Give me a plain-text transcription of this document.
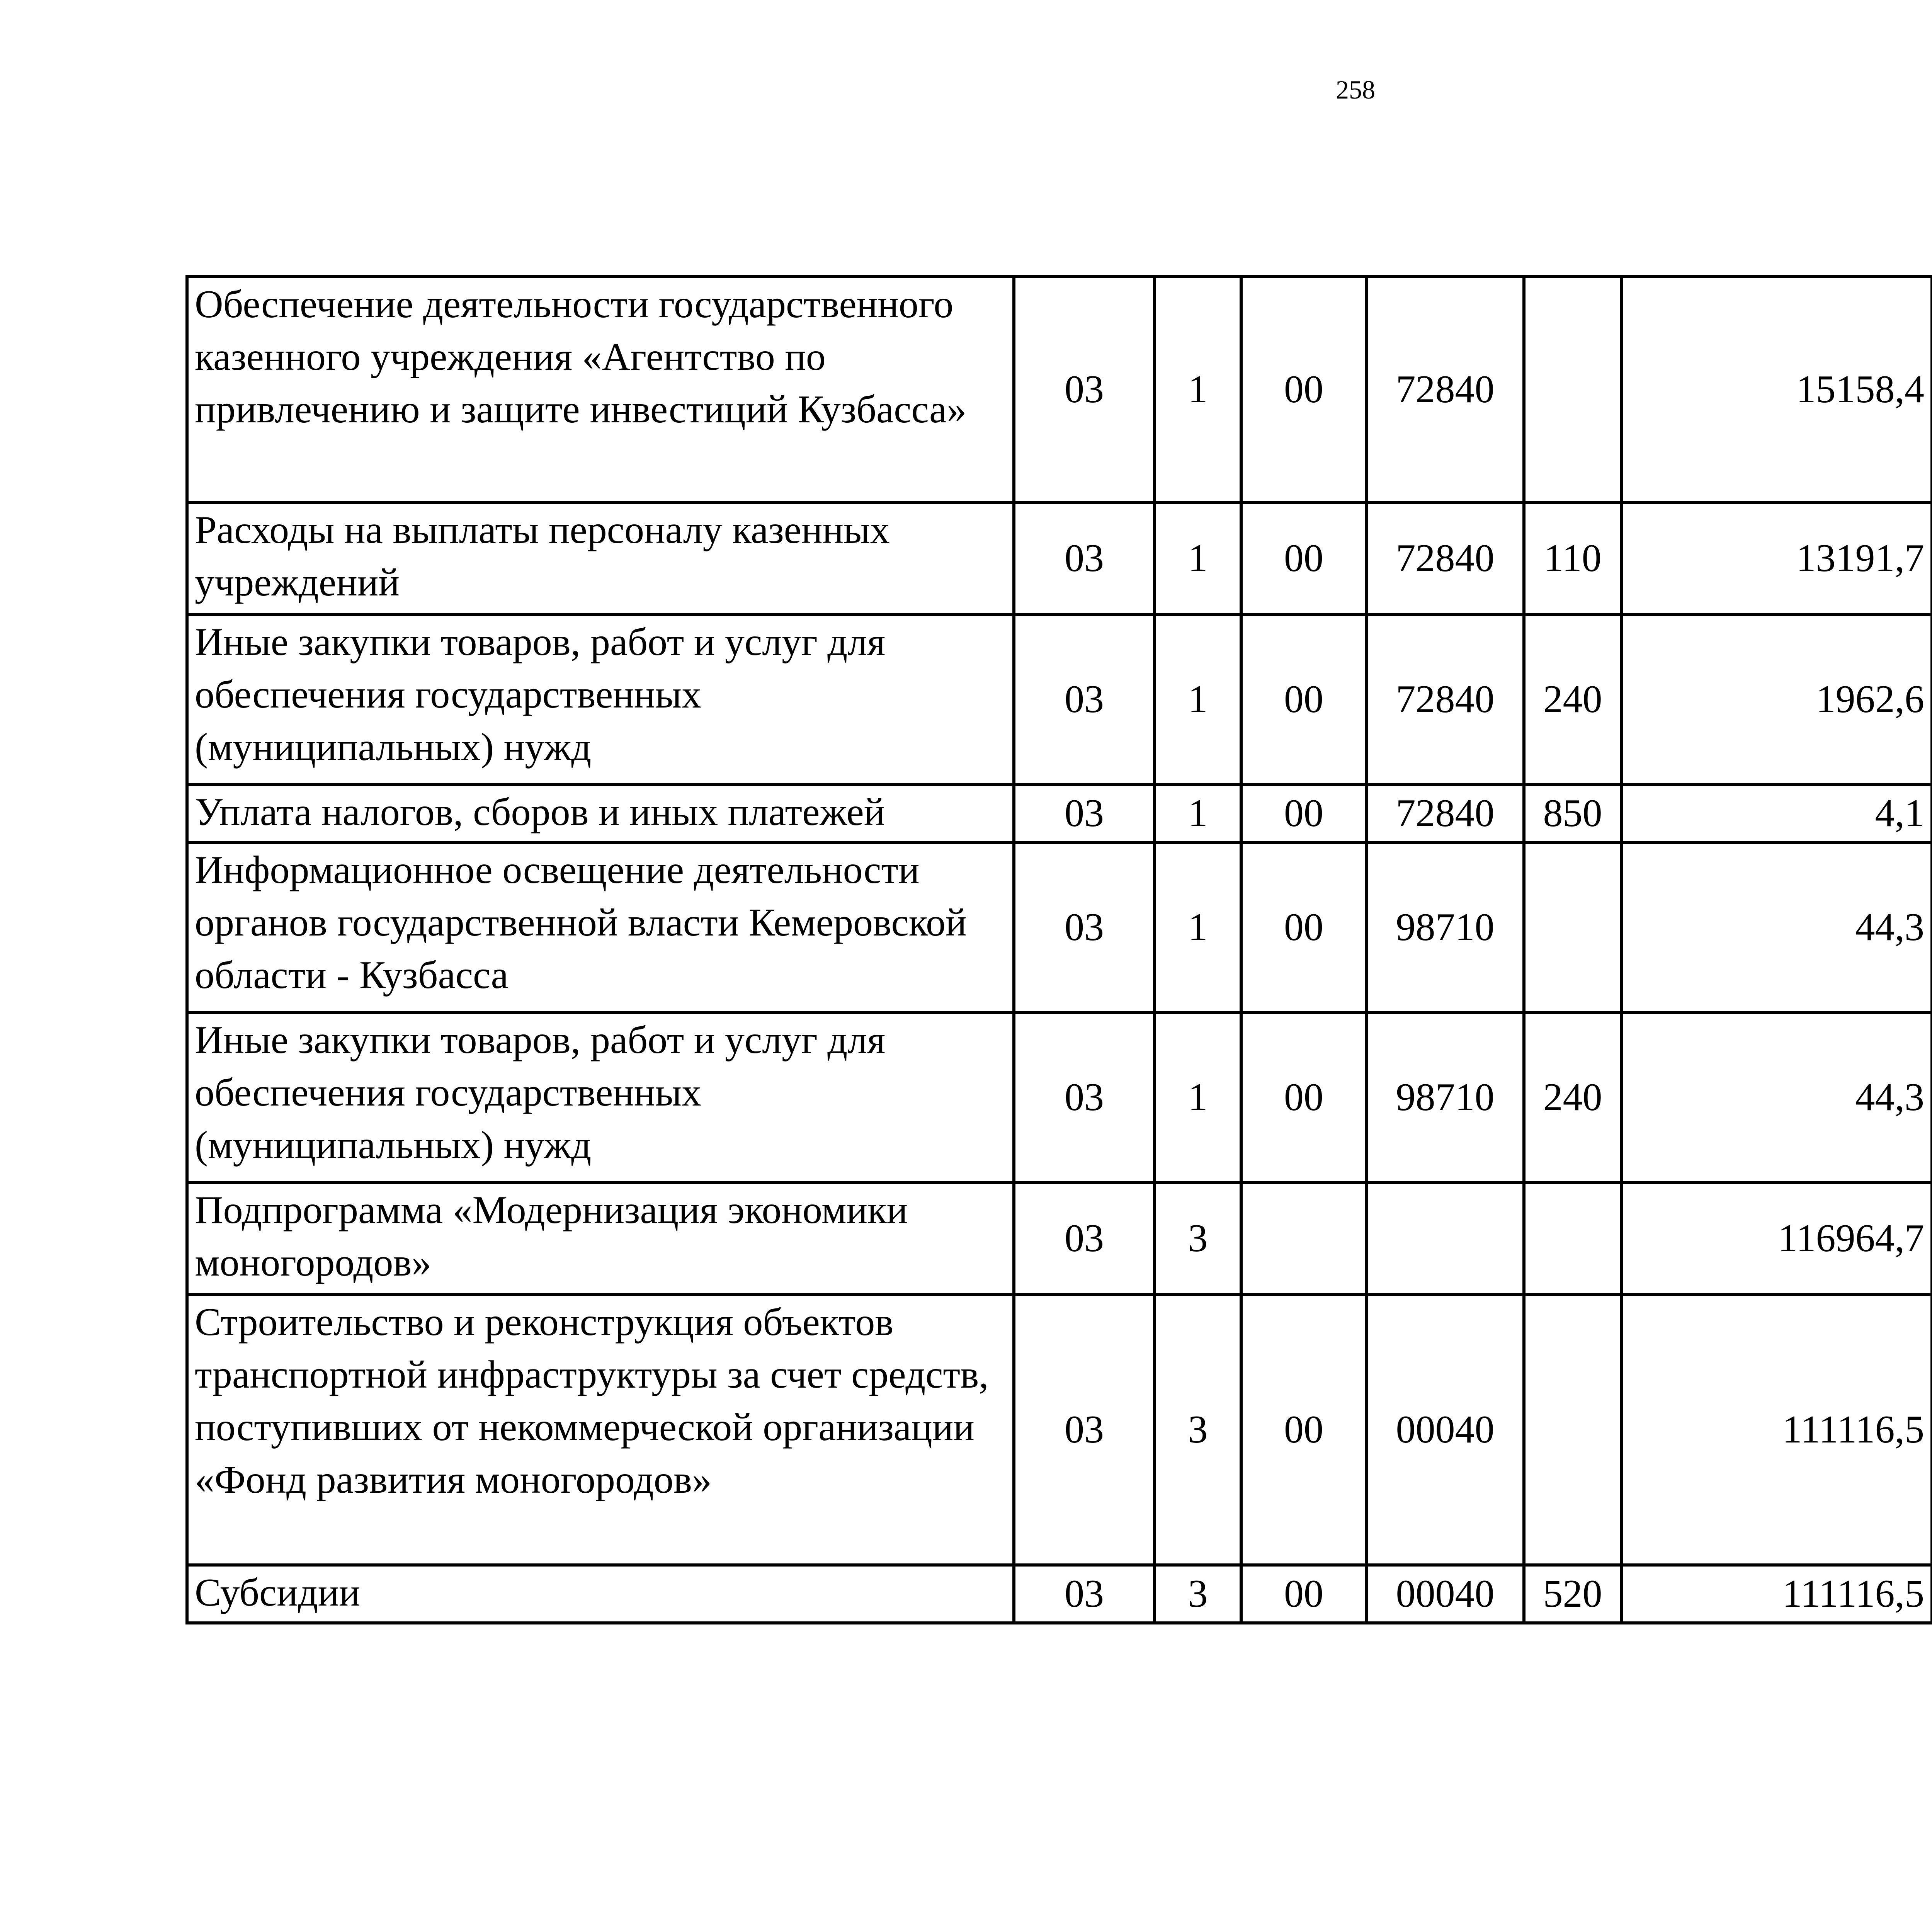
258
Обеспечение деятельности государственного казенного учреждения «Агентство по привлечению и защите инвестиций Кузбасса»	03	1	00	72840		15158,4		
Расходы на выплаты персоналу казенных учреждений	03	1	00	72840	110	13191,7		
Иные закупки товаров, работ и услуг для обеспечения государственных (муниципальных) нужд	03	1	00	72840	240	1962,6		
Уплата налогов, сборов и иных платежей	03	1	00	72840	850	4,1		
Информационное освещение деятельности органов государственной власти Кемеровской области - Кузбасса	03	1	00	98710		44,3		
Иные закупки товаров, работ и услуг для обеспечения государственных (муниципальных) нужд	03	1	00	98710	240	44,3		
Подпрограмма «Модернизация экономики моногородов»	03	3				116964,7		
Строительство и реконструкция объектов транспортной инфраструктуры за счет средств, поступивших от некоммерческой организации «Фонд развития моногородов»	03	3	00	00040		111116,5		
Субсидии	03	3	00	00040	520	111116,5		
